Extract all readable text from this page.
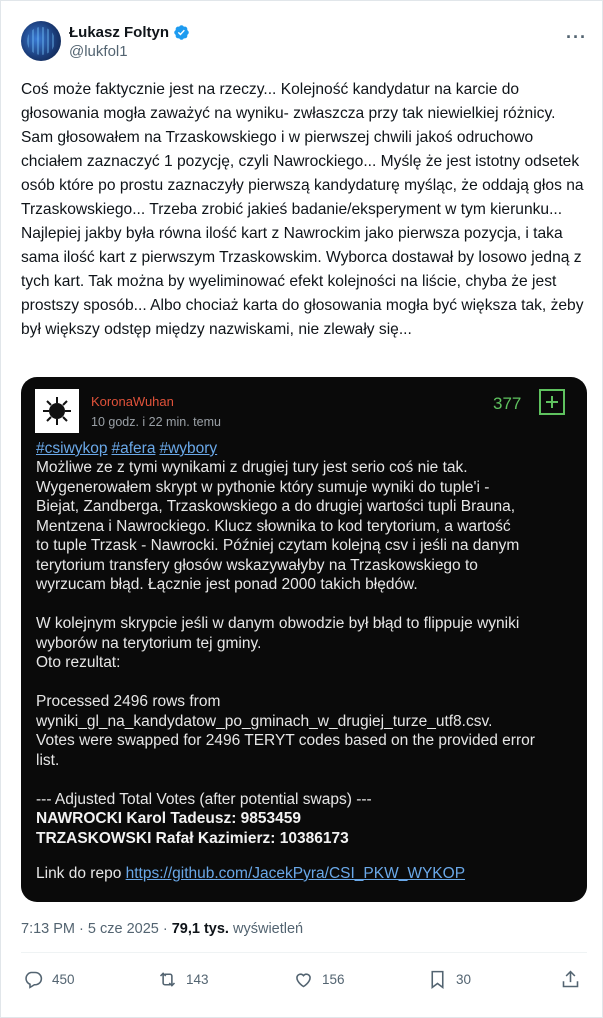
Łukasz Foltyn
@lukfol1
···
Coś może faktycznie jest na rzeczy... Kolejność kandydatur na karcie do głosowania mogła zaważyć na wyniku- zwłaszcza przy tak niewielkiej różnicy. Sam głosowałem na Trzaskowskiego i w pierwszej chwili jakoś odruchowo chciałem zaznaczyć 1 pozycję, czyli Nawrockiego... Myślę że jest istotny odsetek osób które po prostu zaznaczyły pierwszą kandydaturę myśląc, że oddają głos na Trzaskowskiego... Trzeba zrobić jakieś badanie/eksperyment w tym kierunku... Najlepiej jakby była równa ilość kart z Nawrockim jako pierwsza pozycja, i taka sama ilość kart z pierwszym Trzaskowskim. Wyborca dostawał by losowo jedną z tych kart. Tak można by wyeliminować efekt kolejności na liście, chyba że jest prostszy sposób... Albo chociaż karta do głosowania mogła być większa tak, żeby był większy odstęp między nazwiskami, nie zlewały się...
KoronaWuhan
10 godz. i 22 min. temu
377
#csiwykop #afera #wybory
Możliwe ze z tymi wynikami z drugiej tury jest serio coś nie tak.
Wygenerowałem skrypt w pythonie który sumuje wyniki do tuple'i -
Biejat, Zandberga, Trzaskowskiego a do drugiej wartości tupli Brauna,
Mentzena i Nawrockiego. Klucz słownika to kod terytorium, a wartość
to tuple Trzask - Nawrocki. Później czytam kolejną csv i jeśli na danym
terytorium transfery głosów wskazywałyby na Trzaskowskiego to
wyrzucam błąd. Łącznie jest ponad 2000 takich błędów.

W kolejnym skrypcie jeśli w danym obwodzie był błąd to flippuje wyniki
wyborów na terytorium tej gminy.
Oto rezultat:

Processed 2496 rows from
wyniki_gl_na_kandydatow_po_gminach_w_drugiej_turze_utf8.csv.
Votes were swapped for 2496 TERYT codes based on the provided error
list.

--- Adjusted Total Votes (after potential swaps) ---
NAWROCKI Karol Tadeusz: 9853459
TRZASKOWSKI Rafał Kazimierz: 10386173
Link do repo https://github.com/JacekPyra/CSI_PKW_WYKOP
7:13 PM · 5 cze 2025 · 79,1 tys. wyświetleń
450	143	156	30
